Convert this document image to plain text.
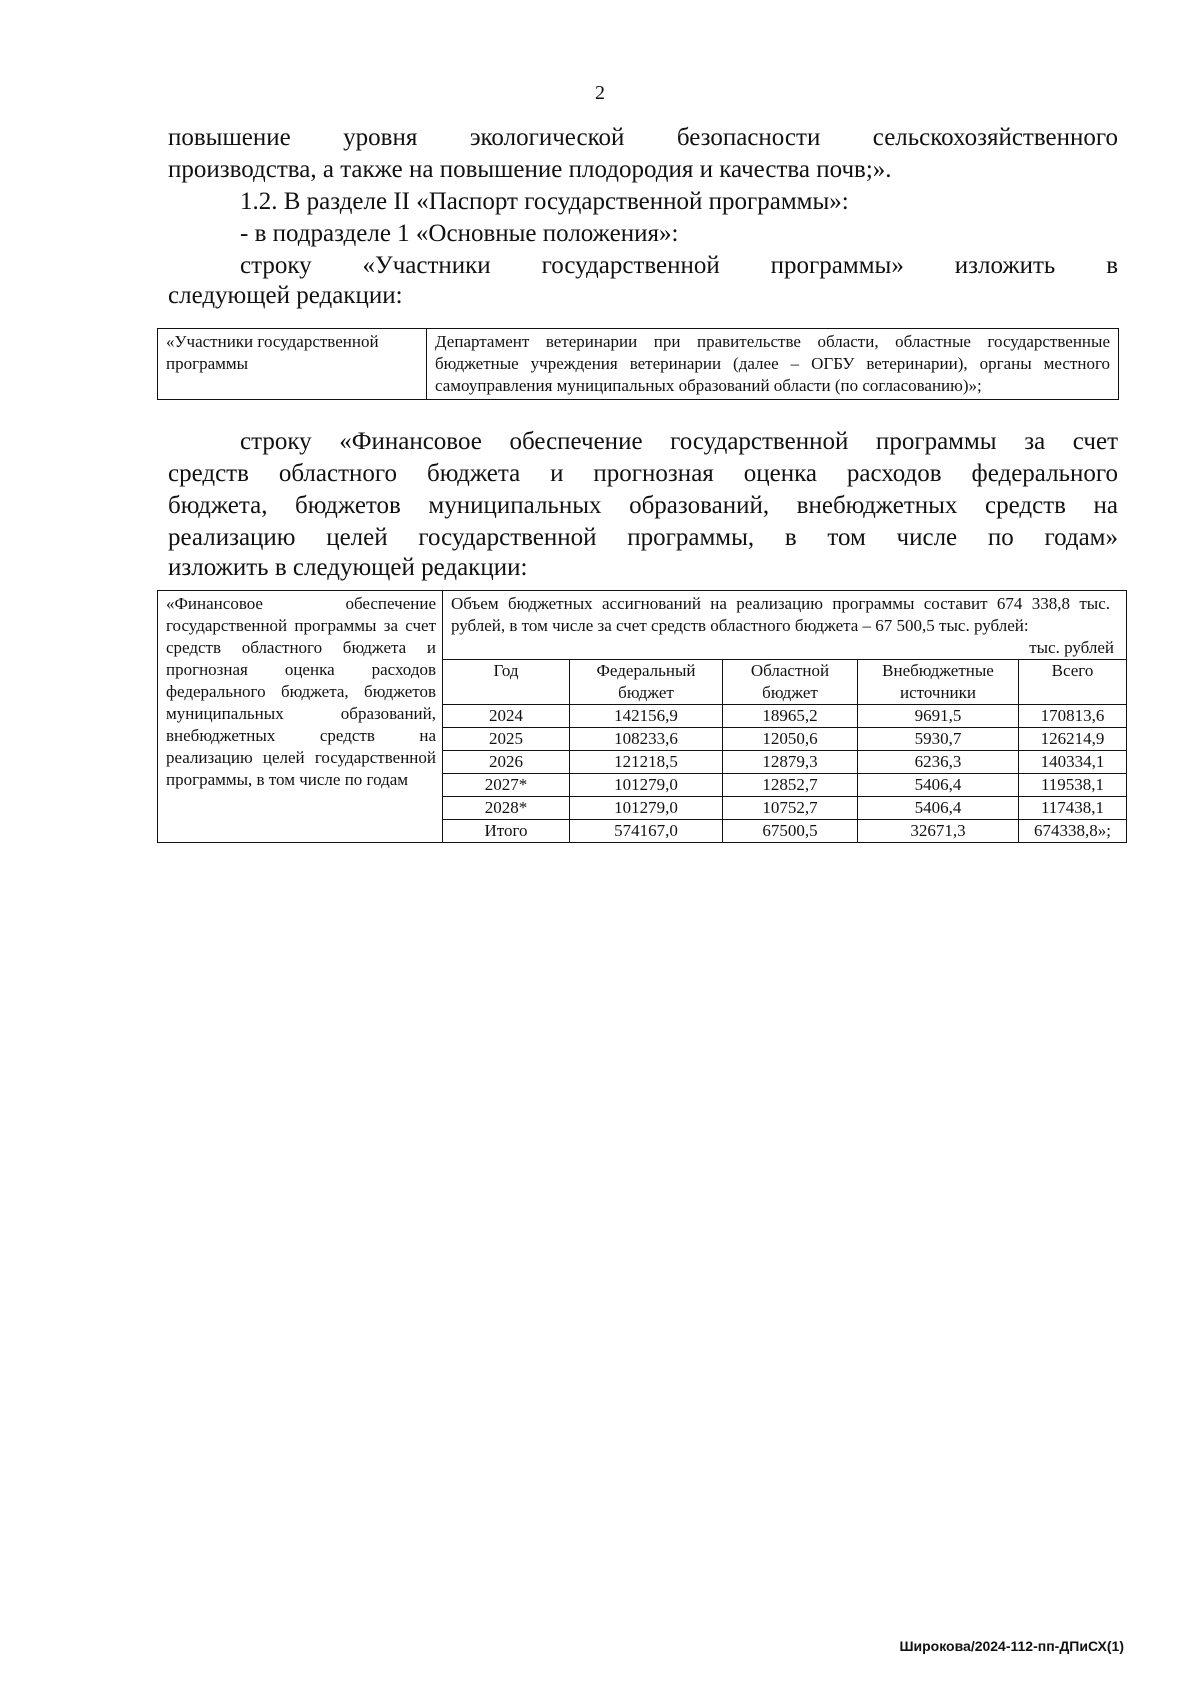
2
повышение уровня экологической безопасности сельскохозяйственного
производства, а также на повышение плодородия и качества почв;».
1.2. В разделе II «Паспорт государственной программы»:
- в подразделе 1 «Основные положения»:
строку «Участники государственной программы» изложить в
следующей редакции:
«Участники государственной программы	Департамент ветеринарии при правительстве области, областные государственные бюджетные учреждения ветеринарии (далее – ОГБУ ветеринарии), органы местного самоуправления муниципальных образований области (по согласованию)»;
строку «Финансовое обеспечение государственной программы за счет
средств областного бюджета и прогнозная оценка расходов федерального
бюджета, бюджетов муниципальных образований, внебюджетных средств на
реализацию целей государственной программы, в том числе по годам»
изложить в следующей редакции:
«Финансовое обеспечение государственной программы за счет средств областного бюджета и прогнозная оценка расходов федерального бюджета, бюджетов муниципальных образований, внебюджетных средств на реализацию целей государственной программы, в том числе по годам	
Объем бюджетных ассигнований на реализацию программы составит 674 338,8 тыс. рублей, в том числе за счет средств областного бюджета – 67 500,5 тыс. рублей:
тыс. рублей
Год	Федеральный бюджет	Областной бюджет	Внебюджетные источники	Всего
2024	142156,9	18965,2	9691,5	170813,6
2025	108233,6	12050,6	5930,7	126214,9
2026	121218,5	12879,3	6236,3	140334,1
2027*	101279,0	12852,7	5406,4	119538,1
2028*	101279,0	10752,7	5406,4	117438,1
Итого	574167,0	67500,5	32671,3	674338,8»;
Широкова/2024-112-пп-ДПиСХ(1)
